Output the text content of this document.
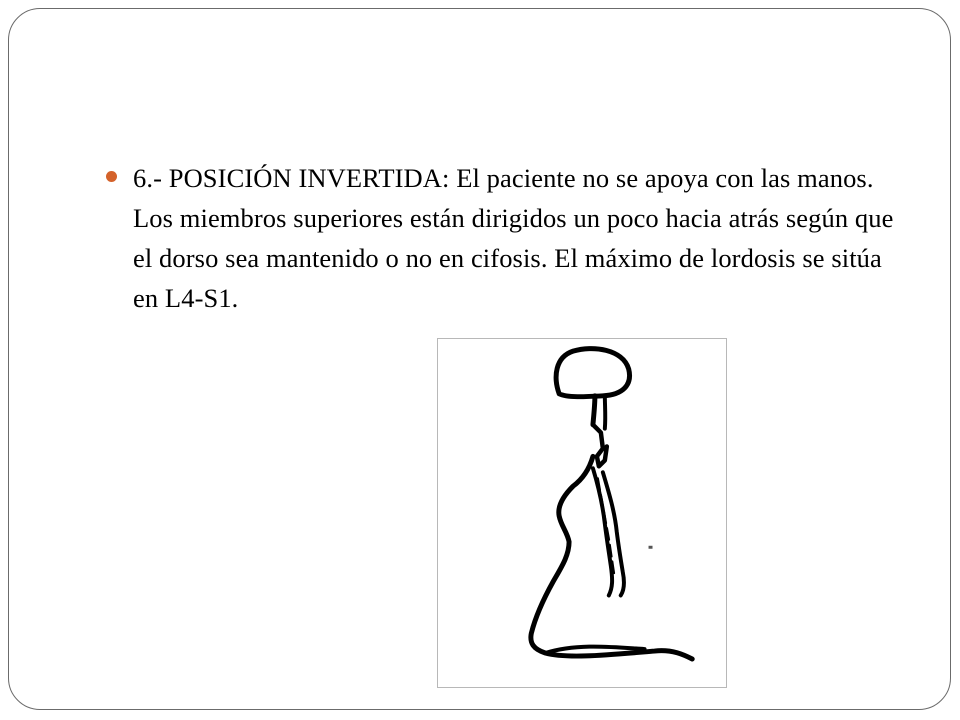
6.- POSICIÓN INVERTIDA: El paciente no se apoya con las manos. Los miembros superiores están dirigidos un poco hacia atrás según que el dorso sea mantenido o no en cifosis. El máximo de lordosis se sitúa en L4-S1.
